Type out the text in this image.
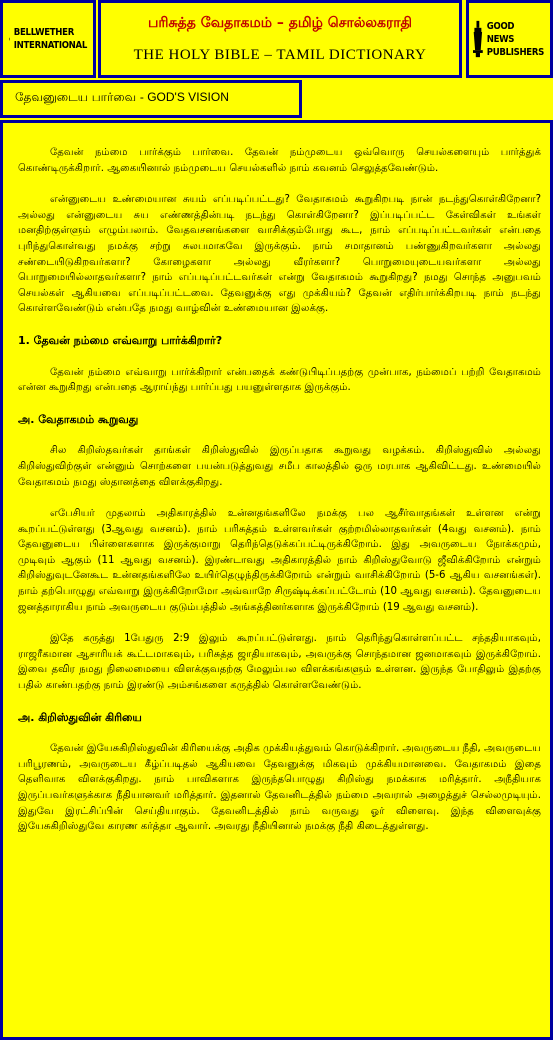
BELLWETHER
INTERNATIONAL
பரிசுத்த வேதாகமம் – தமிழ் சொல்லகராதி
THE HOLY BIBLE – TAMIL DICTIONARY
GOOD NEWS
PUBLISHERS
தேவனுடைய பார்வை - GOD'S VISION

தேவன் நம்மை பார்க்கும் பார்வை. தேவன் நம்முடைய ஒவ்வொரு செயல்களையும் பார்த்துக் கொண்டிருக்கிறார். ஆகையினால் நம்முடைய செயல்களில் நாம் கவனம் செலுத்தவேண்டும்.

என்னுடைய உண்மையான சுயம் எப்படிப்பட்டது? வேதாகமம் கூறுகிறபடி நான் நடந்துகொள்கிறேனா? அல்லது என்னுடைய சுய எண்ணத்தின்படி நடந்து கொள்கிறேனா? இப்படிப்பட்ட கேள்விகள் உங்கள் மனதிற்குள்ளும் எழும்பலாம். வேதவசனங்களை வாசிக்கும்போது கூட, நாம் எப்படிப்பட்டவர்கள் என்பதை புரிந்துகொள்வது நமக்கு சற்று சுலபமாகவே இருக்கும். நாம் சமாதானம் பண்ணுகிறவர்களா அல்லது சண்டையிடுகிறவர்களா? கோழைகளா அல்லது வீரர்களா? பொறுமையுடையவர்களா அல்லது பொறுமையில்லாதவர்களா? நாம் எப்படிப்பட்டவர்கள் என்று வேதாகமம் கூறுகிறது? நமது சொந்த அனுபவம் செயல்கள் ஆகியவை எப்படிப்பட்டவை. தேவனுக்கு எது முக்கியம்? தேவன் எதிர்பார்க்கிறபடி நாம் நடந்து கொள்ளவேண்டும் என்பதே நமது வாழ்வின் உண்மையான இலக்கு.

1. தேவன் நம்மை எவ்வாறு பார்க்கிறார்?

தேவன் நம்மை எவ்வாறு பார்க்கிறார் என்பதைக் கண்டுபிடிப்பதற்கு முன்பாக, நம்மைப் பற்றி வேதாகமம் என்ன கூறுகிறது என்பதை ஆராய்ந்து பார்ப்பது பயனுள்ளதாக இருக்கும்.

அ. வேதாகமம் கூறுவது

சில கிறிஸ்தவர்கள் தாங்கள் கிறிஸ்துவில் இருப்பதாக கூறுவது வழக்கம். கிறிஸ்துவில் அல்லது கிறிஸ்துவிற்குள் என்னும் சொற்களை பயன்படுத்துவது சமீப காலத்தில் ஒரு மரபாக ஆகிவிட்டது. உண்மையில் வேதாகமம் நமது ஸ்தானத்தை விளக்குகிறது.

எபேசியர் முதலாம் அதிகாரத்தில் உன்னதங்களிலே நமக்கு பல ஆசீர்வாதங்கள் உள்ளன என்று கூறப்பட்டுள்ளது (3ஆவது வசனம்). நாம் பரிசுத்தம் உள்ளவர்கள் குற்றமில்லாதவர்கள் (4வது வசனம்). நாம் தேவனுடைய பிள்ளைகளாக இருக்குமாறு தெரிந்தெடுக்கப்பட்டிருக்கிறோம். இது அவருடைய நோக்கமும், முடிவும் ஆகும் (11 ஆவது வசனம்). இரண்டாவது அதிகாரத்தில் நாம் கிறிஸ்துவோடு ஜீவிக்கிறோம் என்றும் கிறிஸ்துவுடனேகூட உன்னதங்களிலே உயிர்தெழுந்திருக்கிறோம் என்றும் வாசிக்கிறோம் (5-6 ஆகிய வசனங்கள்). நாம் தற்பொழுது எவ்வாறு இருக்கிறோமோ அவ்வாறே சிருஷ்டிக்கப்பட்டோம் (10 ஆவது வசனம்). தேவனுடைய ஜனத்தாராகிய நாம் அவருடைய குடும்பத்தில் அங்கத்தினர்களாக இருக்கிறோம் (19 ஆவது வசனம்).

இதே கருத்து 1பேதுரு 2:9 இலும் கூறப்பட்டுள்ளது. நாம் தெரிந்துகொள்ளப்பட்ட சந்ததியாகவும், ராஜரீகமான ஆசாரியக் கூட்டமாகவும், பரிசுத்த ஜாதியாகவும், அவருக்கு சொந்தமான ஜனமாகவும் இருக்கிறோம். இவை தவிர நமது நிலைமையை விளக்குவதற்கு மேலும்பல விளக்கங்களும் உள்ளன. இருந்த போதிலும் இதற்கு பதில் காண்பதற்கு நாம் இரண்டு அம்சங்களை கருத்தில் கொள்ளவேண்டும்.

அ. கிறிஸ்துவின் கிரியை

தேவன் இயேசுகிறிஸ்துவின் கிரியைக்கு அதிக முக்கியத்துவம் கொடுக்கிறார். அவருடைய நீதி, அவருடைய பரிபூரணம், அவருடைய கீழ்ப்படிதல் ஆகியவை தேவனுக்கு மிகவும் முக்கியமானவை. வேதாகமம் இதை தெளிவாக விளக்குகிறது. நாம் பாவிகளாக இருந்தபொழுது கிறிஸ்து நமக்காக மரித்தார். அநீதியாக இருப்பவர்களுக்காக நீதியானவர் மரித்தார். இதனால் தேவனிடத்தில் நம்மை அவரால் அழைத்துச் செல்லமுடியும். இதுவே இரட்சிப்பின் செய்தியாகும். தேவனிடத்தில் நாம் வருவது ஓர் விளைவு. இந்த விளைவுக்கு இயேசுகிறிஸ்துவே காரண கர்த்தா ஆவார். அவரது நீதியினால் நமக்கு நீதி கிடைத்துள்ளது.
